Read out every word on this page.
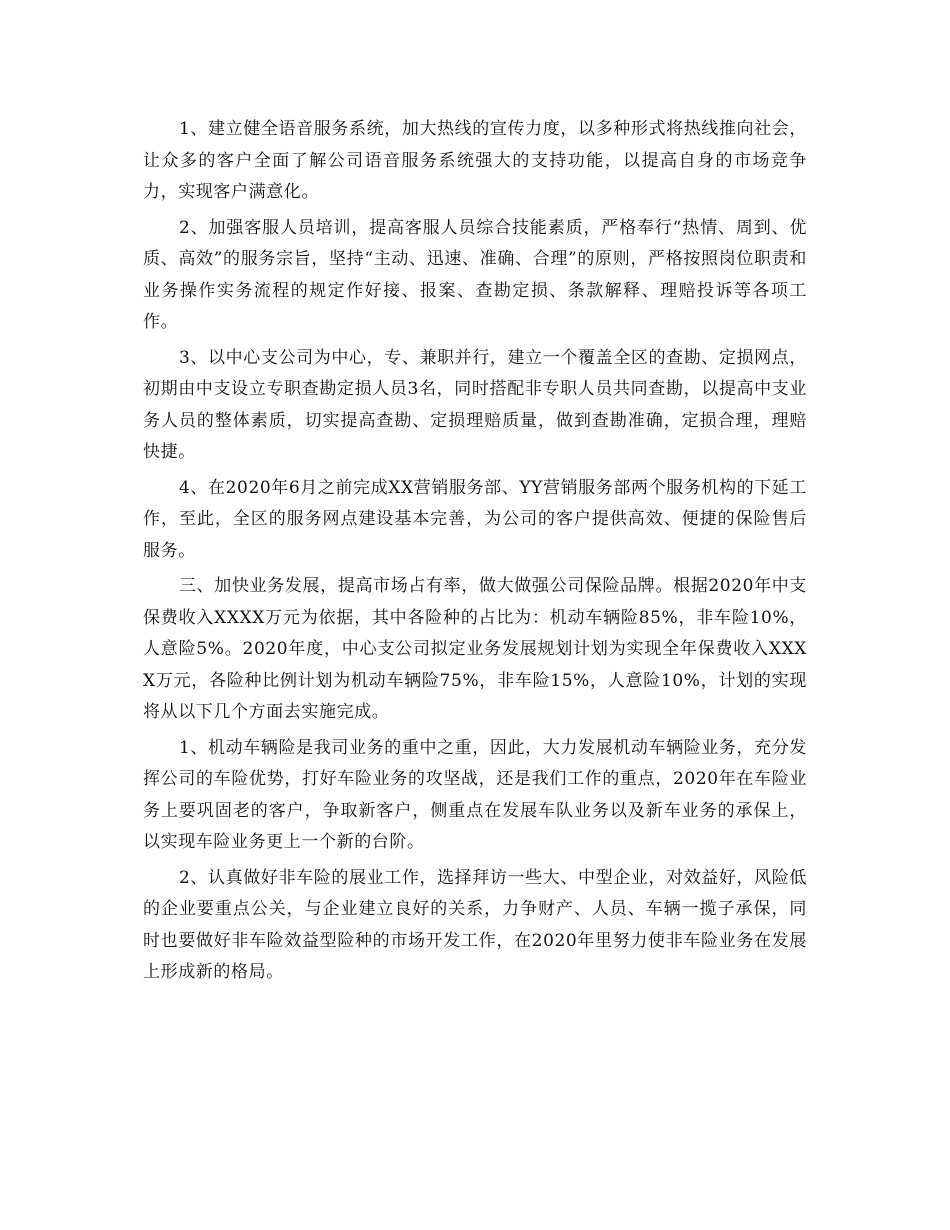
1、建立健全语音服务系统，加大热线的宣传力度，以多种形式将热线推向社会，让众多的客户全面了解公司语音服务系统强大的支持功能，以提高自身的市场竞争力，实现客户满意化。

2、加强客服人员培训，提高客服人员综合技能素质，严格奉行“热情、周到、优质、高效”的服务宗旨，坚持“主动、迅速、准确、合理”的原则，严格按照岗位职责和业务操作实务流程的规定作好接、报案、查勘定损、条款解释、理赔投诉等各项工作。

3、以中心支公司为中心，专、兼职并行，建立一个覆盖全区的查勘、定损网点，初期由中支设立专职查勘定损人员3名，同时搭配非专职人员共同查勘，以提高中支业务人员的整体素质，切实提高查勘、定损理赔质量，做到查勘准确，定损合理，理赔快捷。

4、在2020年6月之前完成XX营销服务部、YY营销服务部两个服务机构的下延工作，至此，全区的服务网点建设基本完善，为公司的客户提供高效、便捷的保险售后服务。

三、加快业务发展，提高市场占有率，做大做强公司保险品牌。根据2020年中支保费收入XXXX万元为依据，其中各险种的占比为：机动车辆险85%，非车险10%，人意险5%。2020年度，中心支公司拟定业务发展规划计划为实现全年保费收入XXXX万元，各险种比例计划为机动车辆险75%，非车险15%，人意险10%，计划的实现将从以下几个方面去实施完成。

1、机动车辆险是我司业务的重中之重，因此，大力发展机动车辆险业务，充分发挥公司的车险优势，打好车险业务的攻坚战，还是我们工作的重点，2020年在车险业务上要巩固老的客户，争取新客户，侧重点在发展车队业务以及新车业务的承保上，以实现车险业务更上一个新的台阶。

2、认真做好非车险的展业工作，选择拜访一些大、中型企业，对效益好，风险低的企业要重点公关，与企业建立良好的关系，力争财产、人员、车辆一揽子承保，同时也要做好非车险效益型险种的市场开发工作，在2020年里努力使非车险业务在发展上形成新的格局。
